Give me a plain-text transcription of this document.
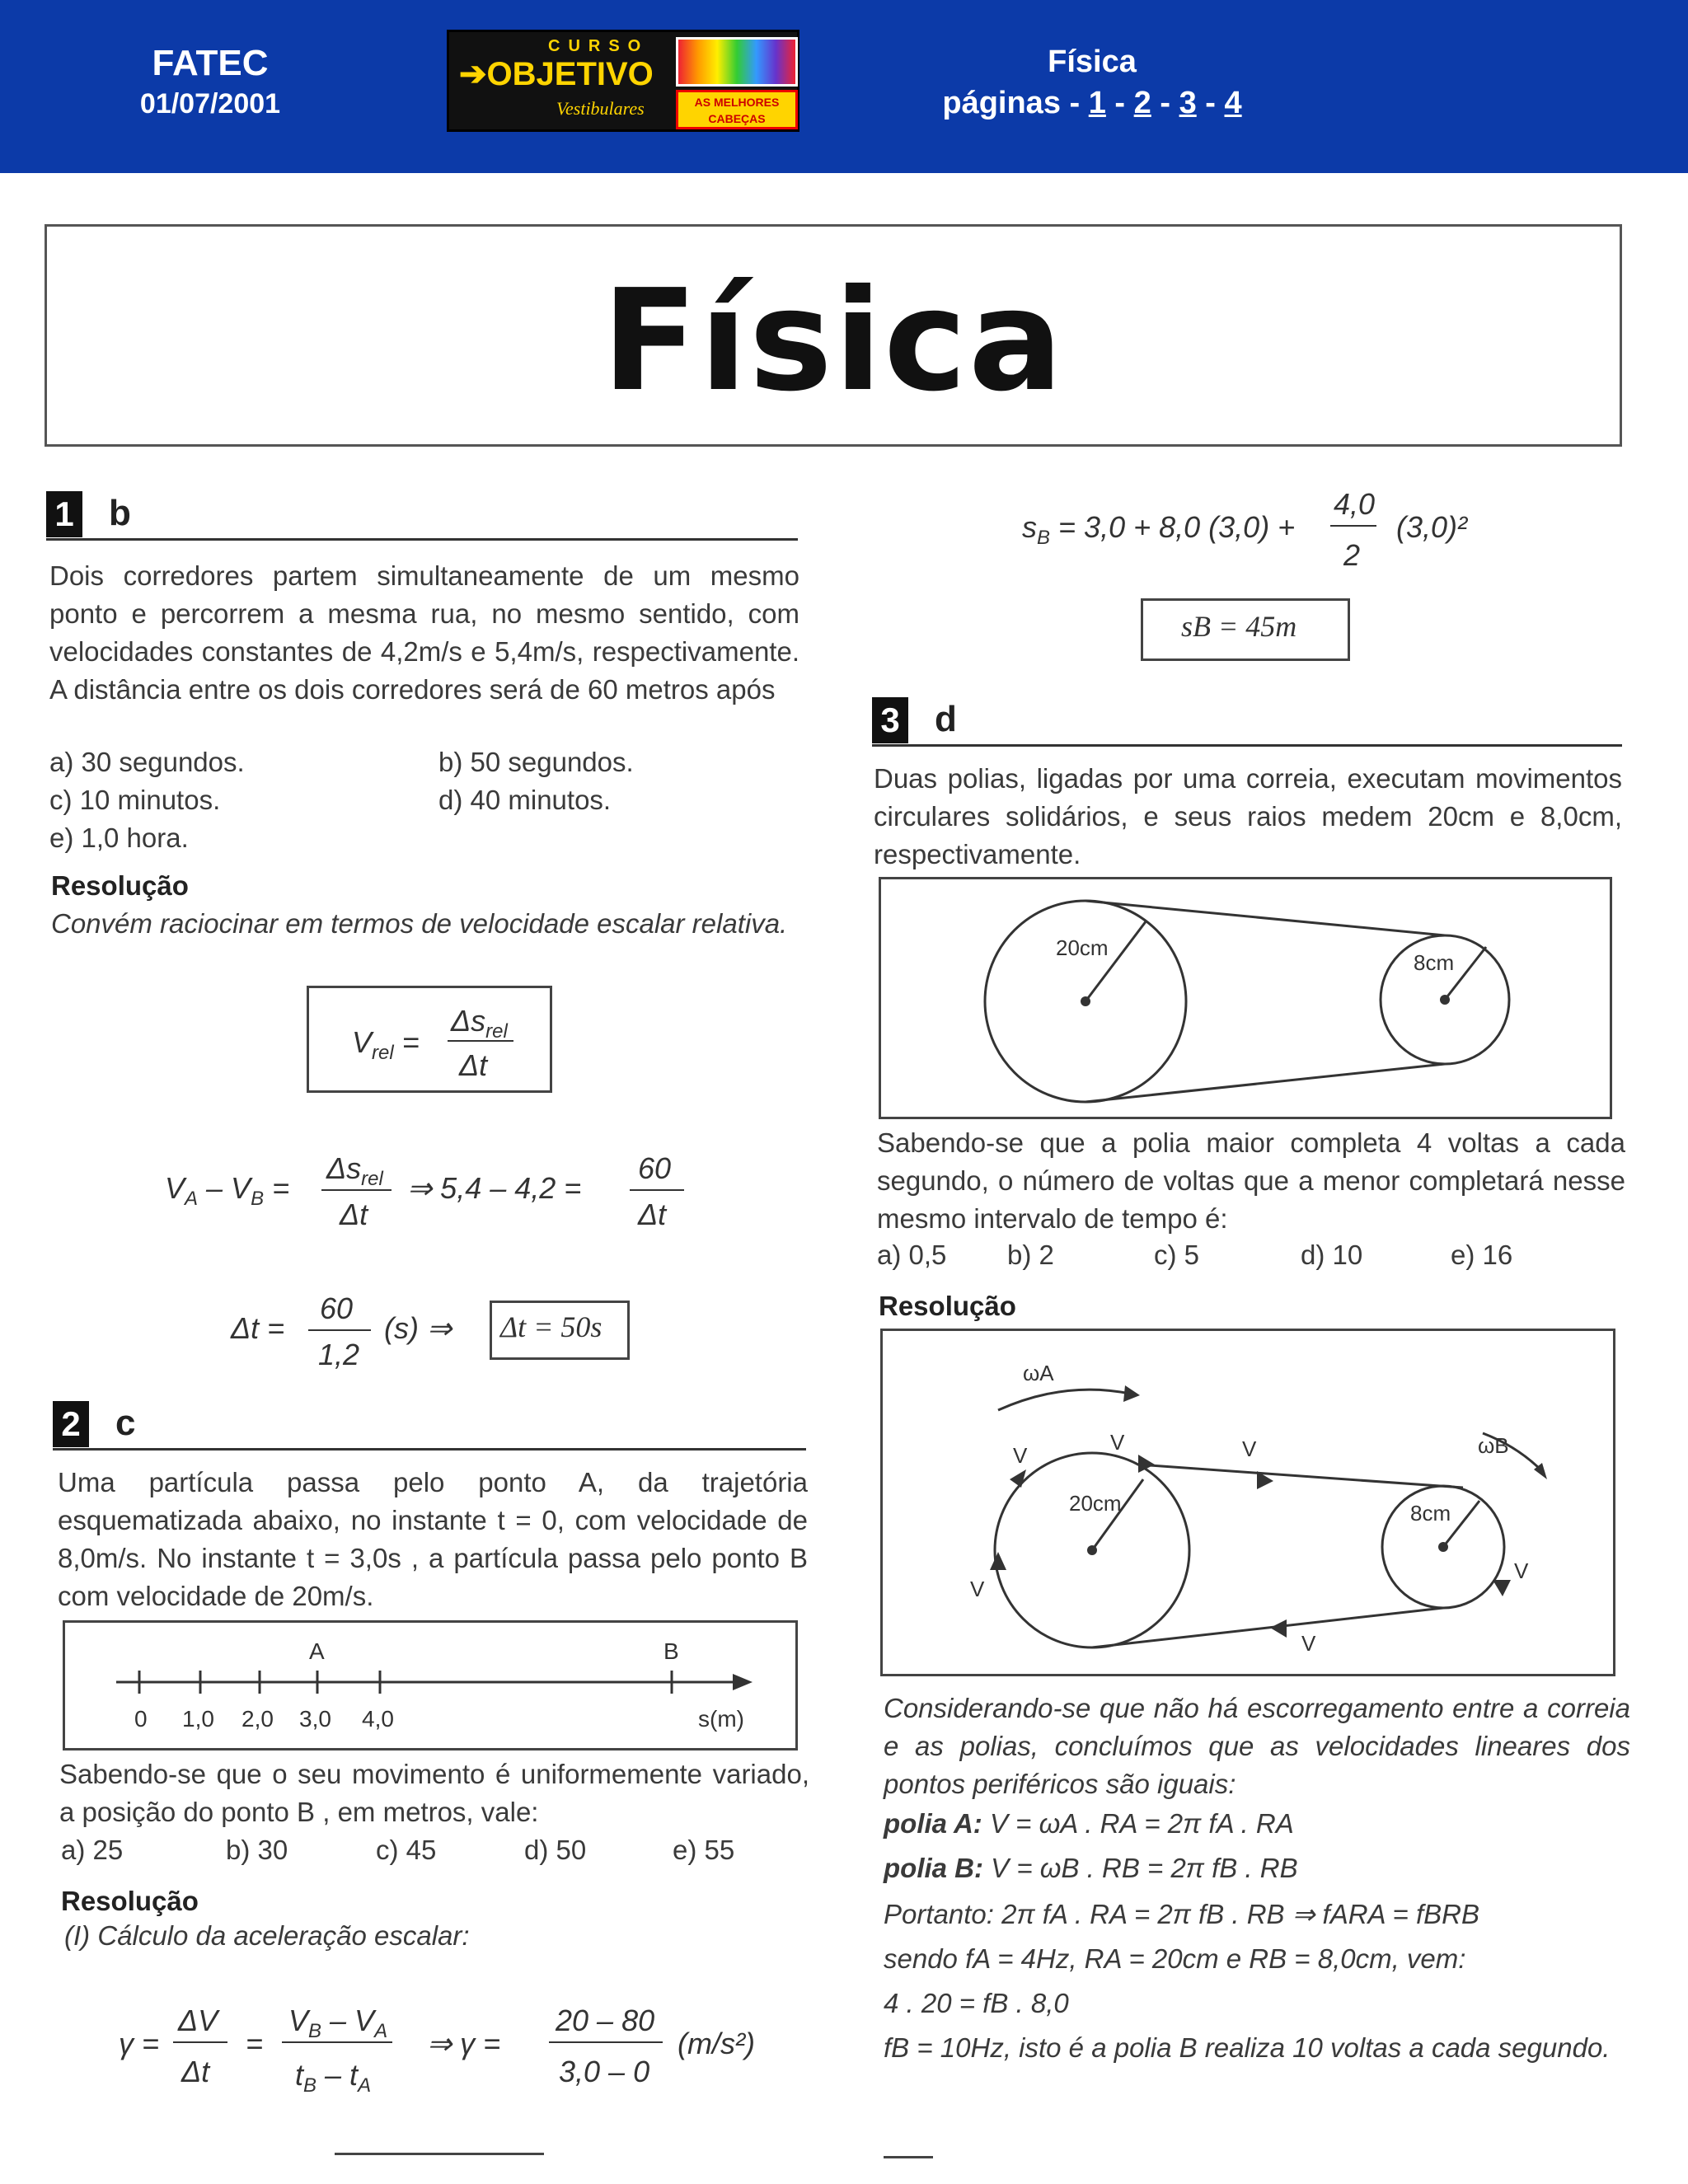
FATEC
01/07/2001
CURSO
➔OBJETIVO
Vestibulares	AS MELHORES CABEÇAS
Física
páginas - 1 - 2 - 3 - 4
Física
1 b
Dois corredores partem simultaneamente de um mesmo ponto e percorrem a mesma rua, no mesmo sentido, com velocidades constantes de 4,2m/s e 5,4m/s, respectivamente. A distância entre os dois corredores será de 60 metros após
a) 30 segundos.	b) 50 segundos.
c) 10 minutos.	d) 40 minutos.
e) 1,0 hora.
Resolução
Convém raciocinar em termos de velocidade escalar relativa.
$V_{rel}$ =
$\Delta s_{rel}$
Δt
$V_A - V_B$ =
$\Delta s_{rel}$
Δt
⇒ 5,4 – 4,2 =
60
Δt
Δt =
60
1,2
(s) ⇒	Δt = 50s
2 c
Uma partícula passa pelo ponto A, da trajetória esquematizada abaixo, no instante t = 0, com velocidade de 8,0m/s. No instante t = 3,0s , a partícula passa pelo ponto B com velocidade de 20m/s.
0 1,0 2,0 3,0 4,0
A	B
s(m)
Sabendo-se que o seu movimento é uniformemente variado, a posição do ponto B , em metros, vale:
a) 25	b) 30	c) 45	d) 50	e) 55
Resolução
(I) Cálculo da aceleração escalar:
γ =
ΔV
Δt
=
$V_B - V_A$
$t_B - t_A$
⇒ γ =
20 – 80
3,0 – 0
(m/s²)
$s_B = 3,0 + 8,0$ (3,0) +
4,0
2
(3,0)²
sB = 45m
3 d
Duas polias, ligadas por uma correia, executam movimentos circulares solidários, e seus raios medem 20cm e 8,0cm, respectivamente.
20cm
8cm
Sabendo-se que a polia maior completa 4 voltas a cada segundo, o número de voltas que a menor completará nesse mesmo intervalo de tempo é:
a) 0,5 b) 2	c) 5	d) 10	e) 16
Resolução
ωA
ωB
V
V	V
V
V
V
20cm	8cm
Considerando-se que não há escorregamento entre a correia e as polias, concluímos que as velocidades lineares dos pontos periféricos são iguais:
polia A: V = ωA . RA = 2π fA . RA
polia B: V = ωB . RB = 2π fB . RB
Portanto: 2π fA . RA = 2π fB . RB ⇒ fARA = fBRB
sendo fA = 4Hz, RA = 20cm e RB = 8,0cm, vem:
4 . 20 = fB . 8,0
fB = 10Hz, isto é a polia B realiza 10 voltas a cada segundo.
